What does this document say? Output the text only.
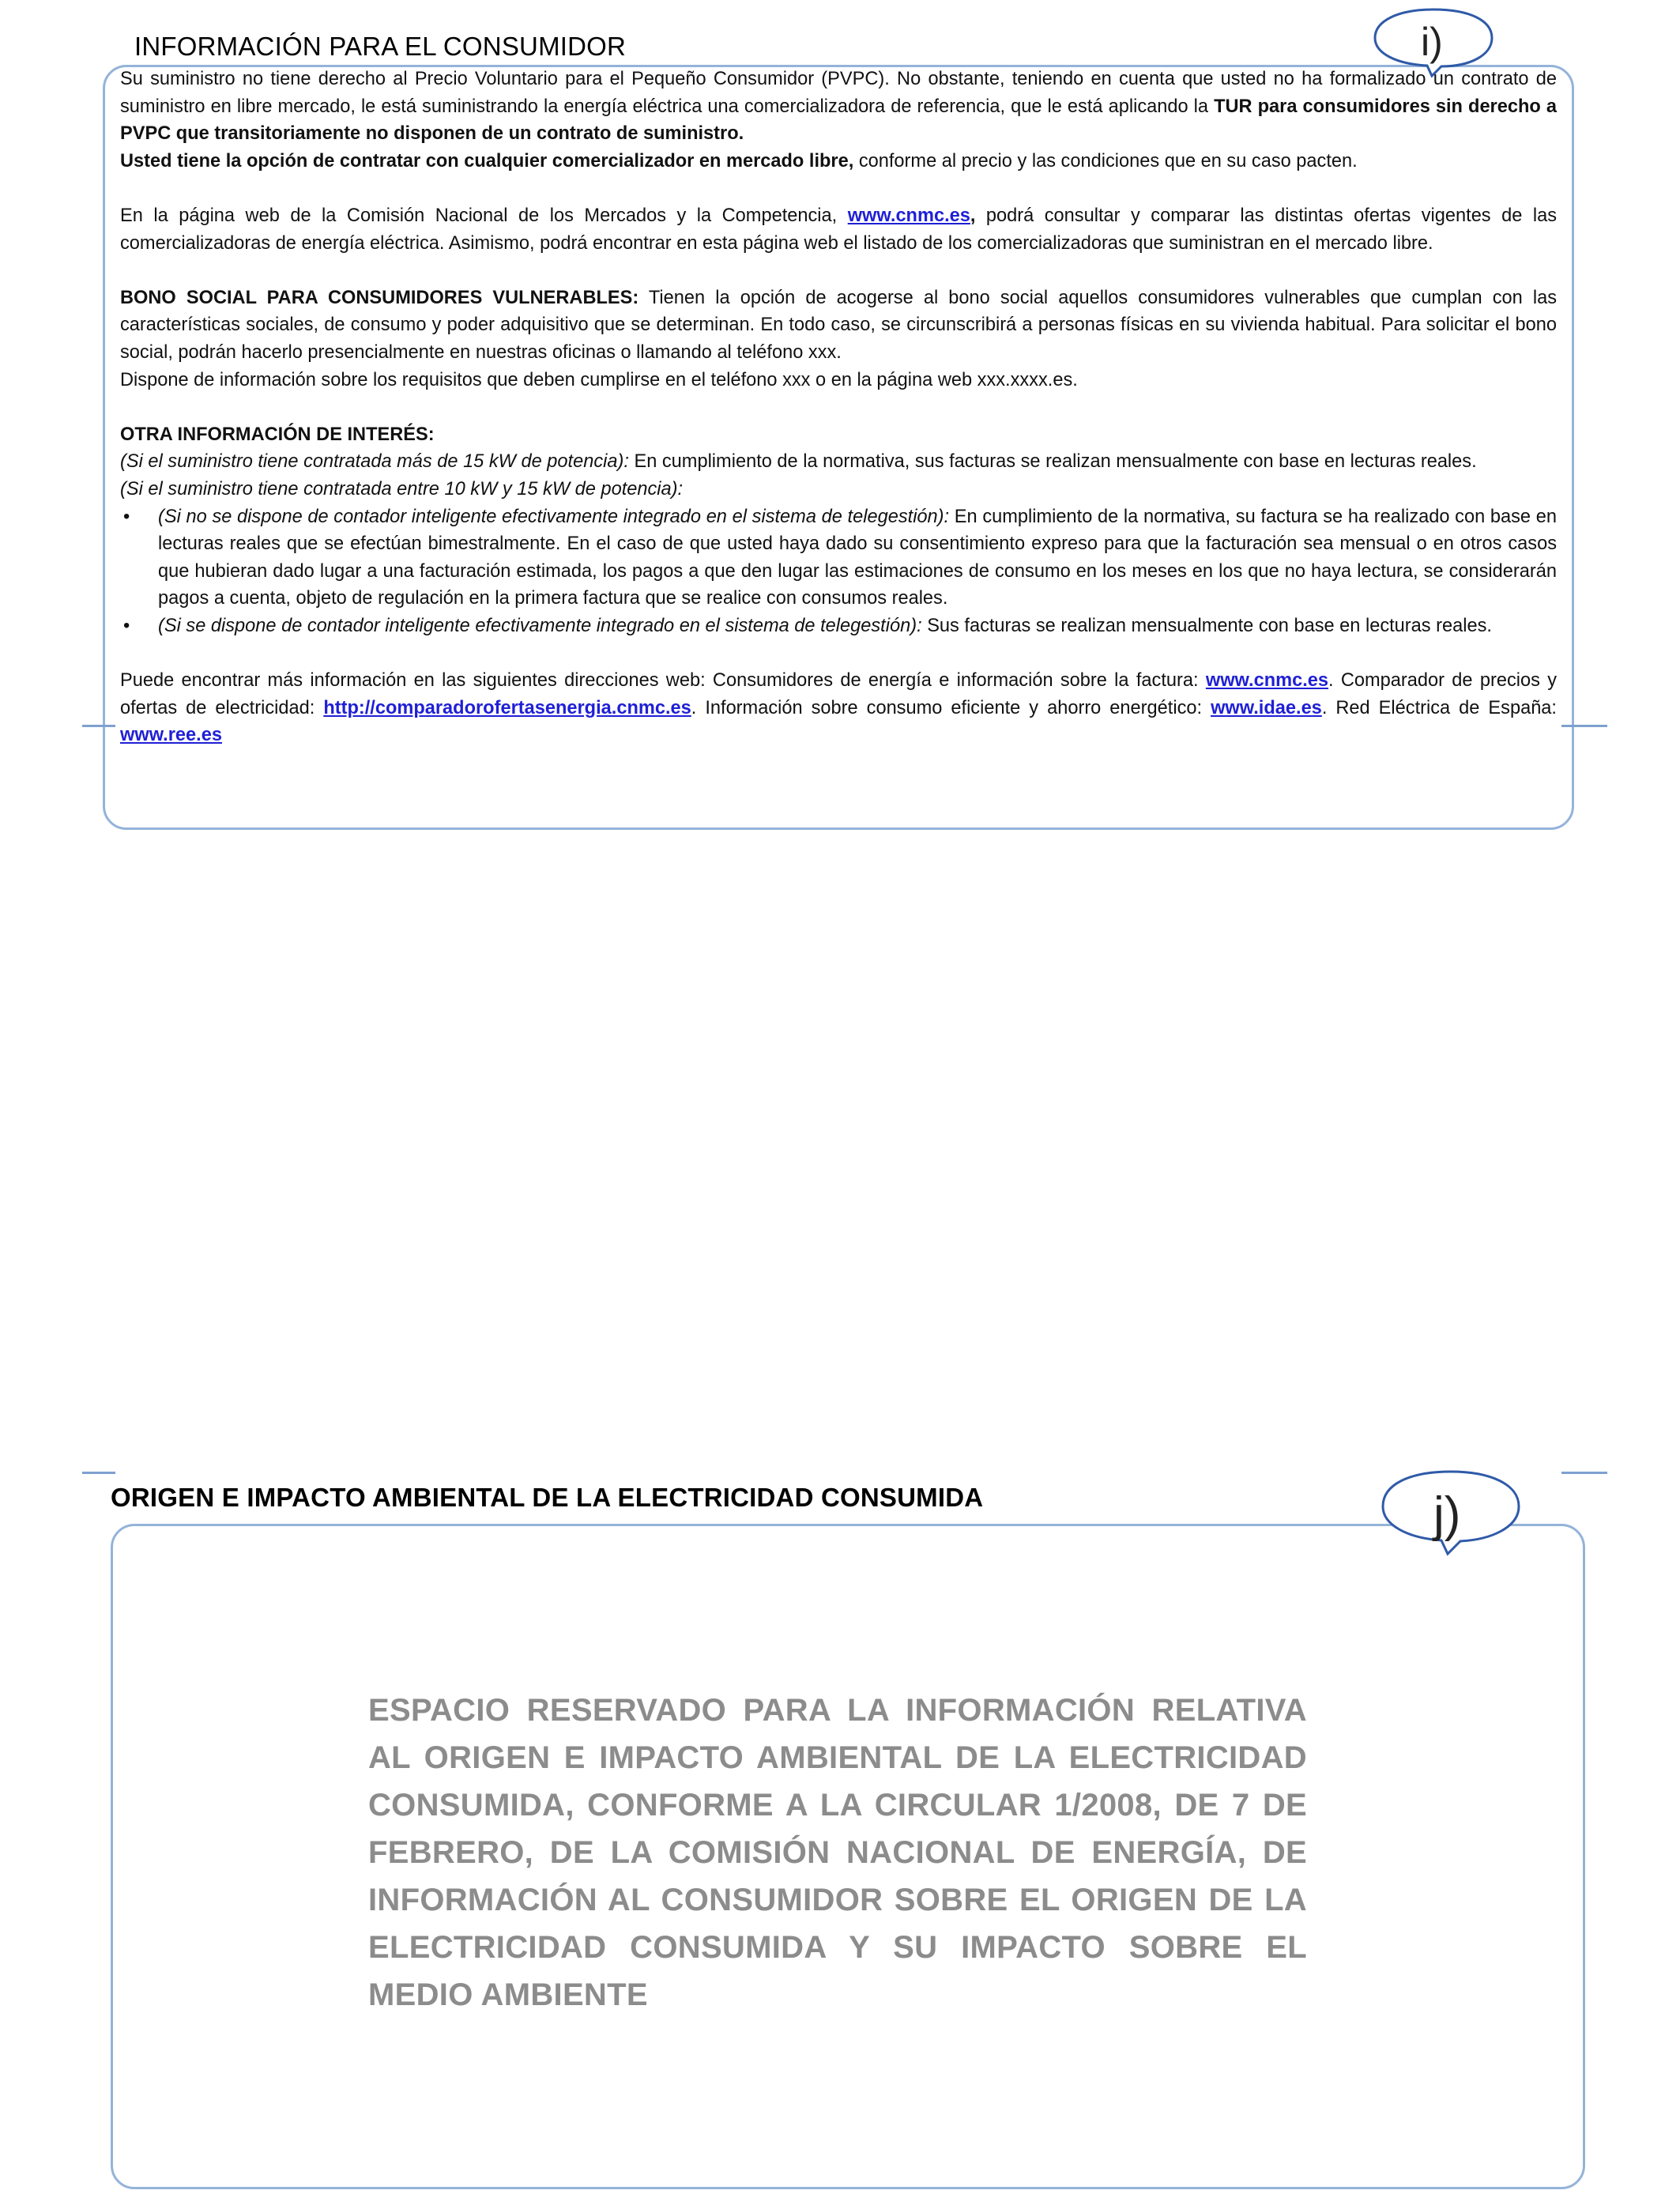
INFORMACIÓN PARA EL CONSUMIDOR	i)

Su suministro no tiene derecho al Precio Voluntario para el Pequeño Consumidor (PVPC). No obstante, teniendo en cuenta que usted no ha formalizado un contrato de suministro en libre mercado, le está suministrando la energía eléctrica una comercializadora de referencia, que le está aplicando la TUR para consumidores sin derecho a PVPC que transitoriamente no disponen de un contrato de suministro.

Usted tiene la opción de contratar con cualquier comercializador en mercado libre, conforme al precio y las condiciones que en su caso pacten.

En la página web de la Comisión Nacional de los Mercados y la Competencia, www.cnmc.es, podrá consultar y comparar las distintas ofertas vigentes de las comercializadoras de energía eléctrica. Asimismo, podrá encontrar en esta página web el listado de los comercializadoras que suministran en el mercado libre.

BONO SOCIAL PARA CONSUMIDORES VULNERABLES: Tienen la opción de acogerse al bono social aquellos consumidores vulnerables que cumplan con las características sociales, de consumo y poder adquisitivo que se determinan. En todo caso, se circunscribirá a personas físicas en su vivienda habitual. Para solicitar el bono social, podrán hacerlo presencialmente en nuestras oficinas o llamando al teléfono xxx.

Dispone de información sobre los requisitos que deben cumplirse en el teléfono xxx o en la página web xxx.xxxx.es.

OTRA INFORMACIÓN DE INTERÉS:

(Si el suministro tiene contratada más de 15 kW de potencia): En cumplimiento de la normativa, sus facturas se realizan mensualmente con base en lecturas reales.

(Si el suministro tiene contratada entre 10 kW y 15 kW de potencia):

• (Si no se dispone de contador inteligente efectivamente integrado en el sistema de telegestión): En cumplimiento de la normativa, su factura se ha realizado con base en lecturas reales que se efectúan bimestralmente. En el caso de que usted haya dado su consentimiento expreso para que la facturación sea mensual o en otros casos que hubieran dado lugar a una facturación estimada, los pagos a que den lugar las estimaciones de consumo en los meses en los que no haya lectura, se considerarán pagos a cuenta, objeto de regulación en la primera factura que se realice con consumos reales.
• (Si se dispone de contador inteligente efectivamente integrado en el sistema de telegestión): Sus facturas se realizan mensualmente con base en lecturas reales.

Puede encontrar más información en las siguientes direcciones web: Consumidores de energía e información sobre la factura: www.cnmc.es. Comparador de precios y ofertas de electricidad: http://comparadorofertasenergia.cnmc.es. Información sobre consumo eficiente y ahorro energético: www.idae.es. Red Eléctrica de España: www.ree.es

ORIGEN E IMPACTO AMBIENTAL DE LA ELECTRICIDAD CONSUMIDA	j)
ESPACIO RESERVADO PARA LA INFORMACIÓN RELATIVA AL ORIGEN E IMPACTO AMBIENTAL DE LA ELECTRICIDAD CONSUMIDA, CONFORME A LA CIRCULAR 1/2008, DE 7 DE FEBRERO, DE LA COMISIÓN NACIONAL DE ENERGÍA, DE INFORMACIÓN AL CONSUMIDOR SOBRE EL ORIGEN DE LA ELECTRICIDAD CONSUMIDA Y SU IMPACTO SOBRE EL MEDIO AMBIENTE
